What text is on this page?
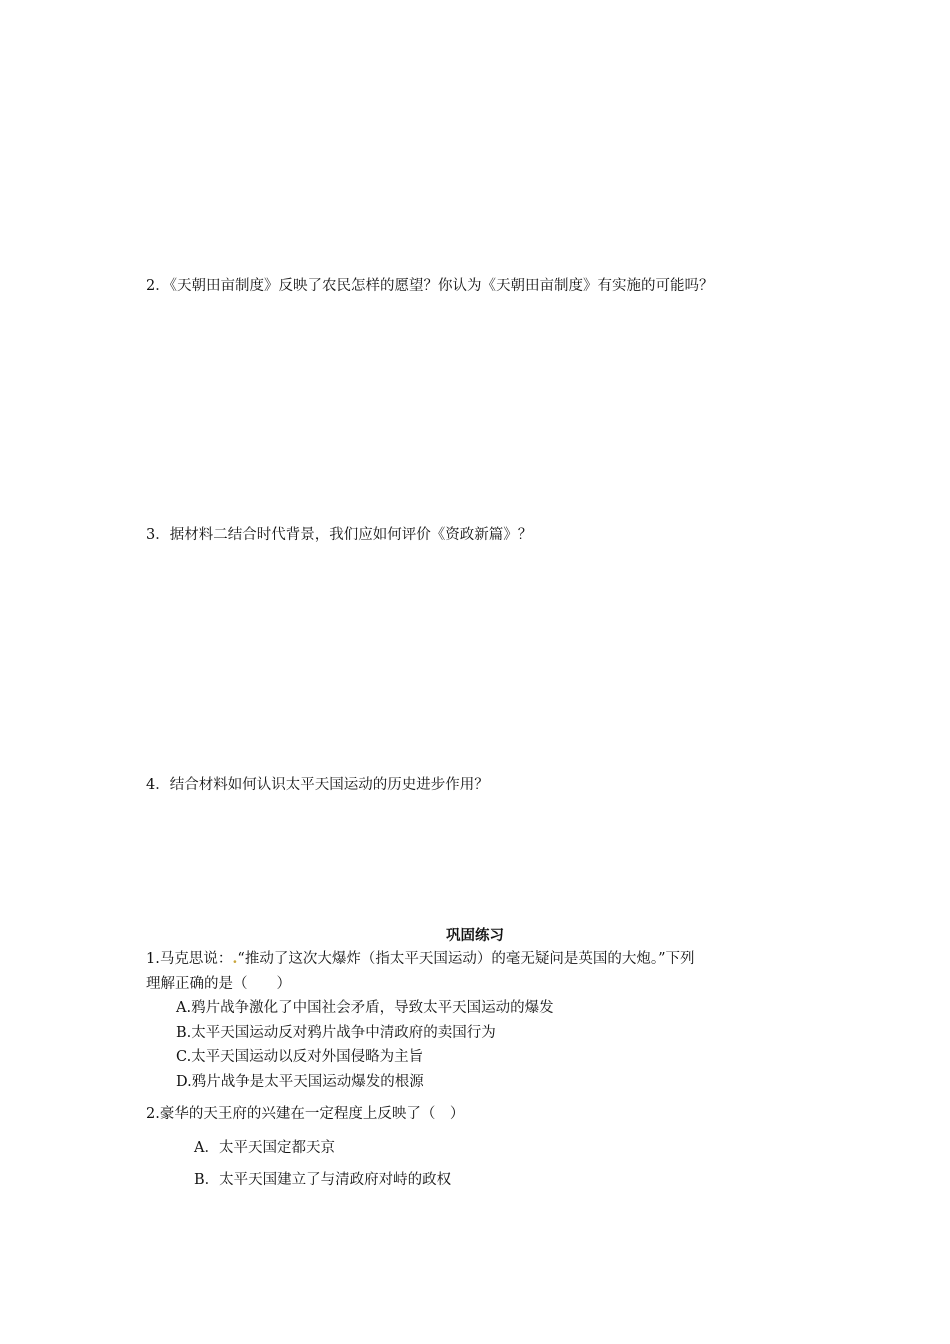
2．《天朝田亩制度》反映了农民怎样的愿望？你认为《天朝田亩制度》有实施的可能吗？
3．据材料二结合时代背景，我们应如何评价《资政新篇》？
4．结合材料如何认识太平天国运动的历史进步作用？
巩固练习
1.马克思说：.“推动了这次大爆炸（指太平天国运动）的毫无疑问是英国的大炮。”下列
理解正确的是（　　）
A.鸦片战争激化了中国社会矛盾，导致太平天国运动的爆发
B.太平天国运动反对鸦片战争中清政府的卖国行为
C.太平天国运动以反对外国侵略为主旨
D.鸦片战争是太平天国运动爆发的根源
2.豪华的天王府的兴建在一定程度上反映了（　）
A．太平天国定都天京
B．太平天国建立了与清政府对峙的政权
